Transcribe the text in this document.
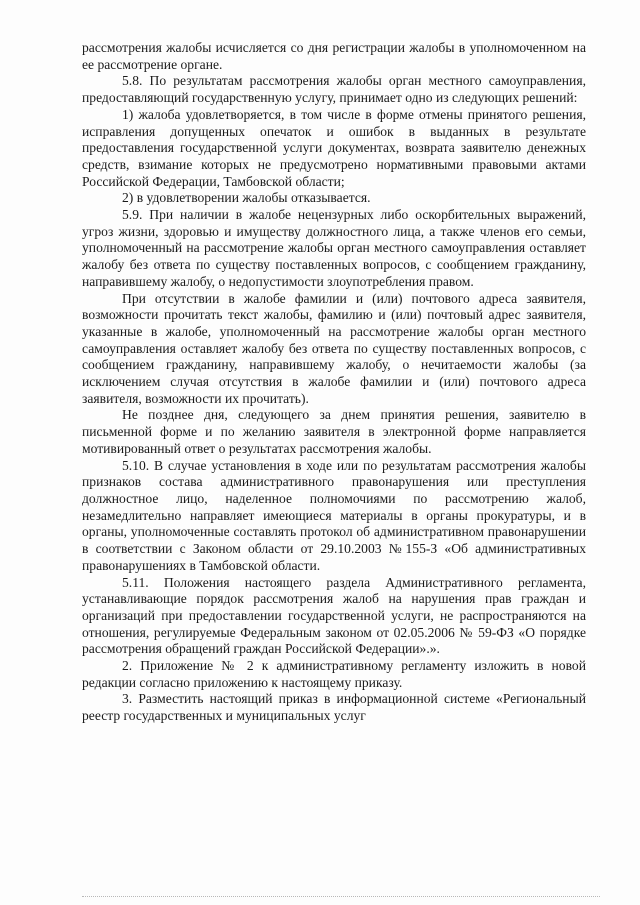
рассмотрения жалобы исчисляется со дня регистрации жалобы в уполномоченном на ее рассмотрение органе.

5.8. По результатам рассмотрения жалобы орган местного самоуправления, предоставляющий государственную услугу, принимает одно из следующих решений:

1) жалоба удовлетворяется, в том числе в форме отмены принятого решения, исправления допущенных опечаток и ошибок в выданных в результате предоставления государственной услуги документах, возврата заявителю денежных средств, взимание которых не предусмотрено нормативными правовыми актами Российской Федерации, Тамбовской области;

2) в удовлетворении жалобы отказывается.

5.9. При наличии в жалобе нецензурных либо оскорбительных выражений, угроз жизни, здоровью и имуществу должностного лица, а также членов его семьи, уполномоченный на рассмотрение жалобы орган местного самоуправления оставляет жалобу без ответа по существу поставленных вопросов, с сообщением гражданину, направившему жалобу, о недопустимости злоупотребления правом.

При отсутствии в жалобе фамилии и (или) почтового адреса заявителя, возможности прочитать текст жалобы, фамилию и (или) почтовый адрес заявителя, указанные в жалобе, уполномоченный на рассмотрение жалобы орган местного самоуправления оставляет жалобу без ответа по существу поставленных вопросов, с сообщением гражданину, направившему жалобу, о нечитаемости жалобы (за исключением случая отсутствия в жалобе фамилии и (или) почтового адреса заявителя, возможности их прочитать).

Не позднее дня, следующего за днем принятия решения, заявителю в письменной форме и по желанию заявителя в электронной форме направляется мотивированный ответ о результатах рассмотрения жалобы.

5.10. В случае установления в ходе или по результатам рассмотрения жалобы признаков состава административного правонарушения или преступления должностное лицо, наделенное полномочиями по рассмотрению жалоб, незамедлительно направляет имеющиеся материалы в органы прокуратуры, и в органы, уполномоченные составлять протокол об административном правонарушении в соответствии с Законом области от 29.10.2003 №155-З «Об административных правонарушениях в Тамбовской области.

5.11. Положения настоящего раздела Административного регламента, устанавливающие порядок рассмотрения жалоб на нарушения прав граждан и организаций при предоставлении государственной услуги, не распространяются на отношения, регулируемые Федеральным законом от 02.05.2006 № 59-ФЗ «О порядке рассмотрения обращений граждан Российской Федерации».».

2. Приложение № 2 к административному регламенту изложить в новой редакции согласно приложению к настоящему приказу.

3. Разместить настоящий приказ в информационной системе «Региональный реестр государственных и муниципальных услуг
